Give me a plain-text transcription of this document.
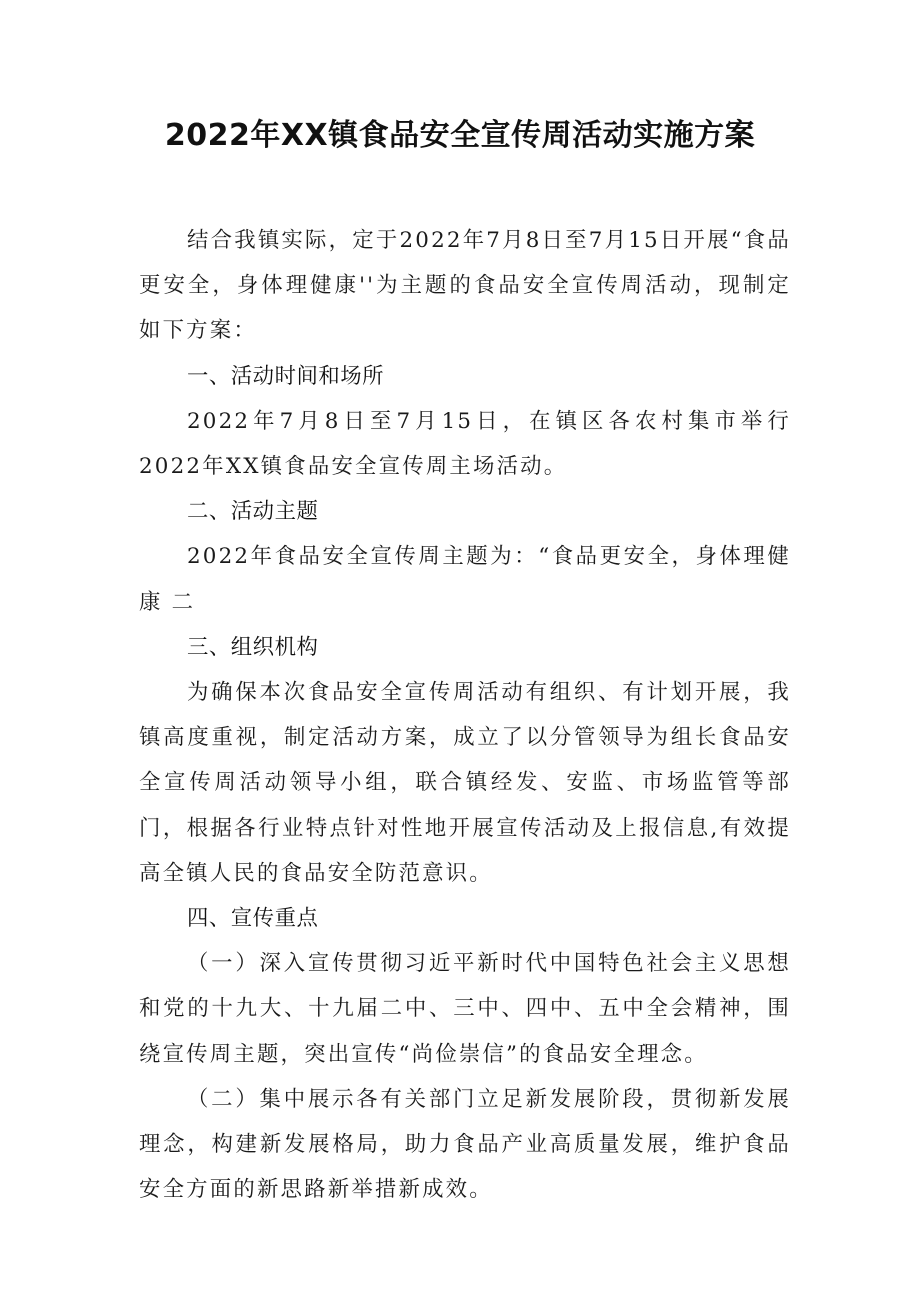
2022年XX镇食品安全宣传周活动实施方案

结合我镇实际，定于2022年7月8日至7月15日开展“食品更安全，身体理健康''为主题的食品安全宣传周活动，现制定如下方案：

一、活动时间和场所

2022年7月8日至7月15日，在镇区各农村集市举行2022年XX镇食品安全宣传周主场活动。

二、活动主题

2022年食品安全宣传周主题为：“食品更安全，身体理健康 二

三、组织机构

为确保本次食品安全宣传周活动有组织、有计划开展，我镇高度重视，制定活动方案，成立了以分管领导为组长食品安全宣传周活动领导小组，联合镇经发、安监、市场监管等部门，根据各行业特点针对性地开展宣传活动及上报信息,有效提高全镇人民的食品安全防范意识。

四、宣传重点

（一）深入宣传贯彻习近平新时代中国特色社会主义思想和党的十九大、十九届二中、三中、四中、五中全会精神，围绕宣传周主题，突出宣传“尚俭崇信”的食品安全理念。

（二）集中展示各有关部门立足新发展阶段，贯彻新发展理念，构建新发展格局，助力食品产业高质量发展，维护食品安全方面的新思路新举措新成效。
